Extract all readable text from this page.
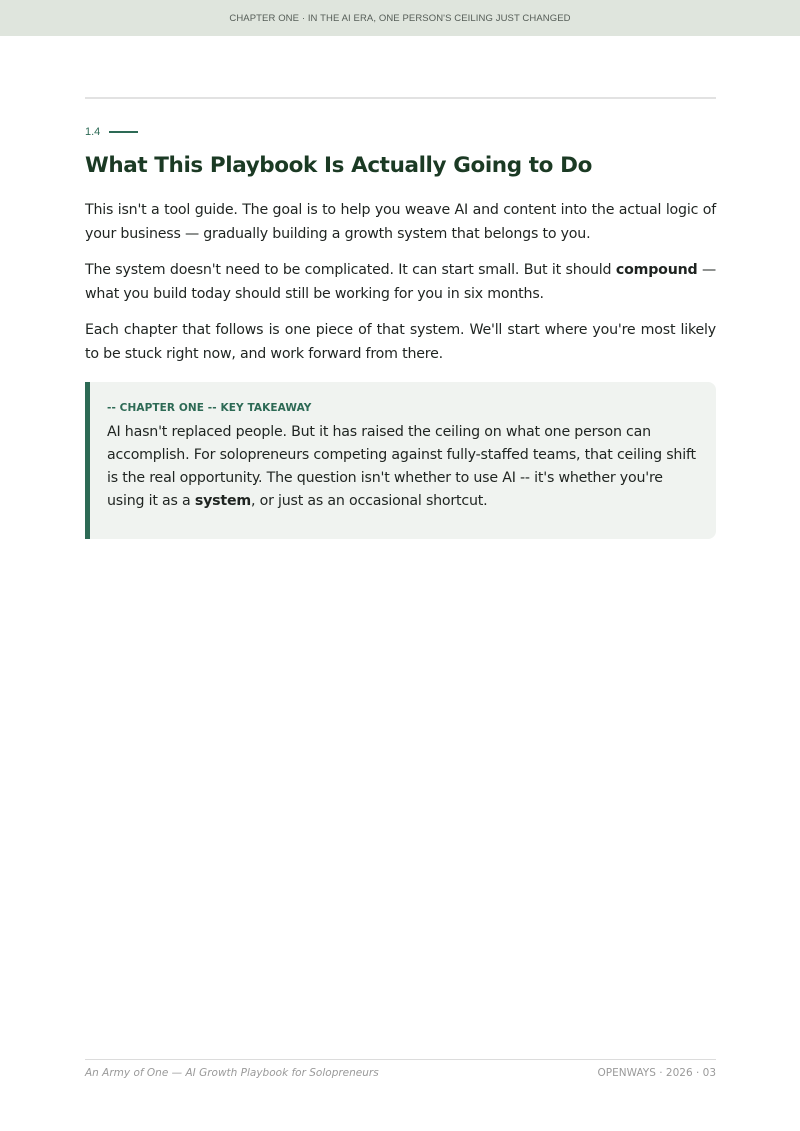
CHAPTER ONE · IN THE AI ERA, ONE PERSON'S CEILING JUST CHANGED
1.4
What This Playbook Is Actually Going to Do

This isn't a tool guide. The goal is to help you weave AI and content into the actual logic of your business — gradually building a growth system that belongs to you.

The system doesn't need to be complicated. It can start small. But it should compound — what you build today should still be working for you in six months.

Each chapter that follows is one piece of that system. We'll start where you're most likely to be stuck right now, and work forward from there.

-- CHAPTER ONE -- KEY TAKEAWAY
AI hasn't replaced people. But it has raised the ceiling on what one person can accomplish. For solopreneurs competing against fully-staffed teams, that ceiling shift is the real opportunity. The question isn't whether to use AI -- it's whether you're using it as a system, or just as an occasional shortcut.
An Army of One — AI Growth Playbook for Solopreneurs	OPENWAYS · 2026 · 03
